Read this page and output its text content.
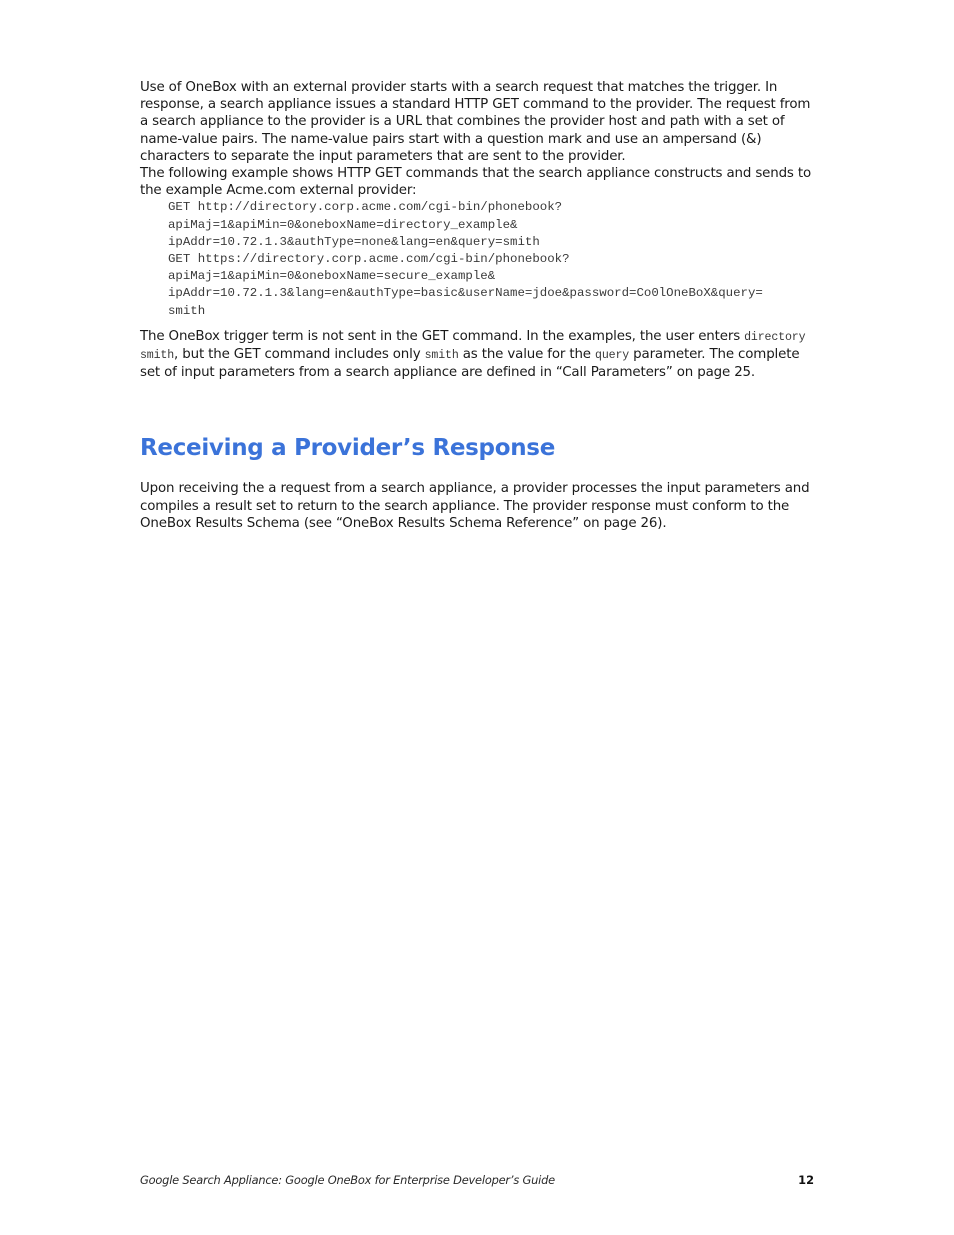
Use of OneBox with an external provider starts with a search request that matches the trigger. In response, a search appliance issues a standard HTTP GET command to the provider. The request from a search appliance to the provider is a URL that combines the provider host and path with a set of name-value pairs. The name-value pairs start with a question mark and use an ampersand (&) characters to separate the input parameters that are sent to the provider.

The following example shows HTTP GET commands that the search appliance constructs and sends to the example Acme.com external provider:

GET http://directory.corp.acme.com/cgi-bin/phonebook?
apiMaj=1&apiMin=0&oneboxName=directory_example&
ipAddr=10.72.1.3&authType=none&lang=en&query=smith
GET https://directory.corp.acme.com/cgi-bin/phonebook?
apiMaj=1&apiMin=0&oneboxName=secure_example&
ipAddr=10.72.1.3&lang=en&authType=basic&userName=jdoe&password=Co0lOneBoX&query=
smith

The OneBox trigger term is not sent in the GET command. In the examples, the user enters directory smith, but the GET command includes only smith as the value for the query parameter. The complete set of input parameters from a search appliance are defined in “Call Parameters” on page 25.

Receiving a Provider’s Response

Upon receiving the a request from a search appliance, a provider processes the input parameters and compiles a result set to return to the search appliance. The provider response must conform to the OneBox Results Schema (see “OneBox Results Schema Reference” on page 26).

Google Search Appliance: Google OneBox for Enterprise Developer’s Guide	12
